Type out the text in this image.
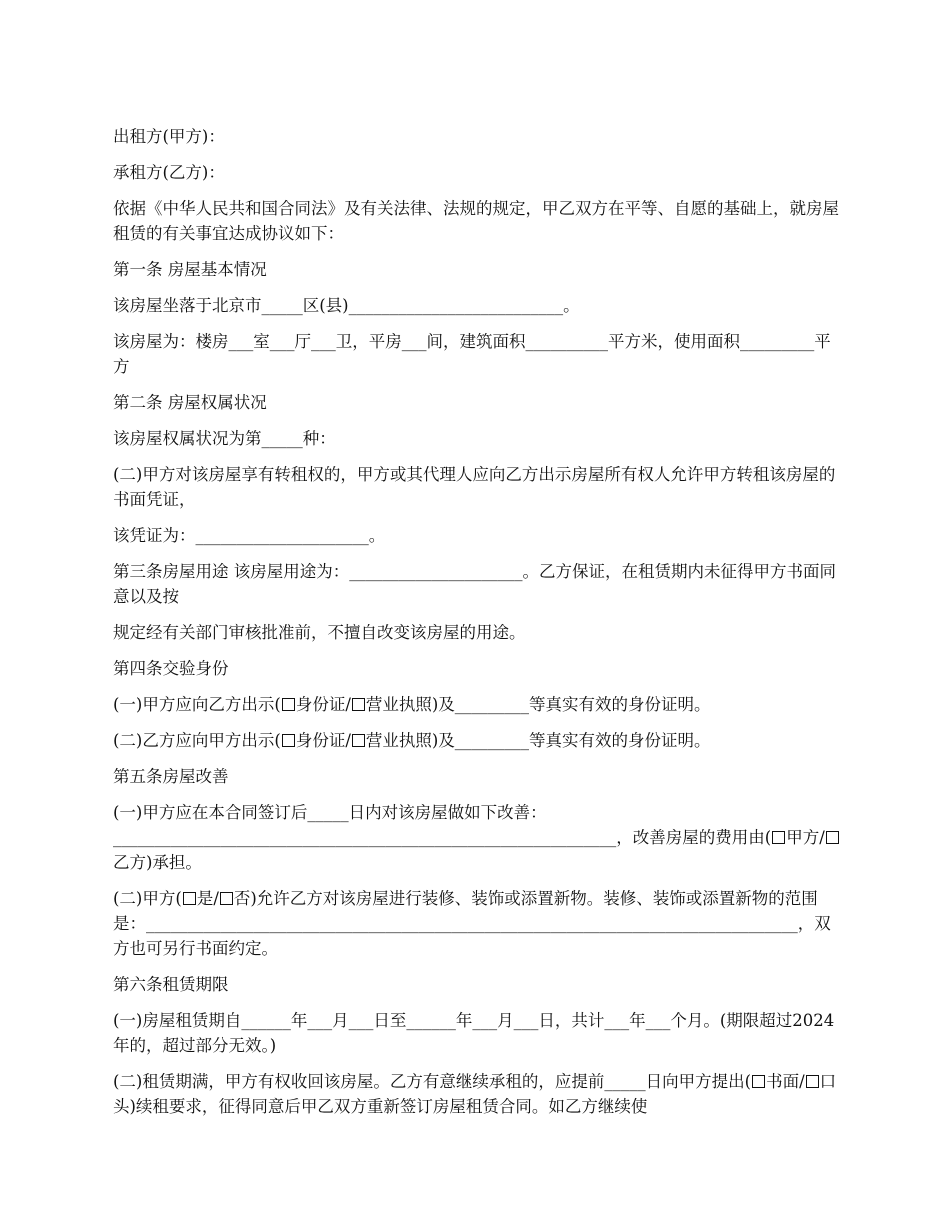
出租方(甲方)：

承租方(乙方)：

依据《中华人民共和国合同法》及有关法律、法规的规定，甲乙双方在平等、自愿的基础上，就房屋租赁的有关事宜达成协议如下：

第一条 房屋基本情况

该房屋坐落于北京市_____区(县)__________________________。

该房屋为：楼房___室___厅___卫，平房___间，建筑面积__________平方米，使用面积_________平方

第二条 房屋权属状况

该房屋权属状况为第_____种：

(二)甲方对该房屋享有转租权的，甲方或其代理人应向乙方出示房屋所有权人允许甲方转租该房屋的书面凭证，

该凭证为：_____________________。

第三条房屋用途 该房屋用途为：_____________________。乙方保证，在租赁期内未征得甲方书面同意以及按

规定经有关部门审核批准前，不擅自改变该房屋的用途。

第四条交验身份

(一)甲方应向乙方出示( 身份证/ 营业执照)及_________等真实有效的身份证明。

(二)乙方应向甲方出示( 身份证/ 营业执照)及_________等真实有效的身份证明。

第五条房屋改善

(一)甲方应在本合同签订后_____日内对该房屋做如下改善：_____________________________________________________________，改善房屋的费用由( 甲方/乙方)承担。

(二)甲方( 是/ 否)允许乙方对该房屋进行装修、装饰或添置新物。装修、装饰或添置新物的范围是：_______________________________________________________________________________，双方也可另行书面约定。

第六条租赁期限

(一)房屋租赁期自______年___月___日至______年___月___日，共计___年___个月。(期限超过2024年的，超过部分无效。)

(二)租赁期满，甲方有权收回该房屋。乙方有意继续承租的，应提前_____日向甲方提出( 书面/ 口头)续租要求，征得同意后甲乙双方重新签订房屋租赁合同。如乙方继续使
